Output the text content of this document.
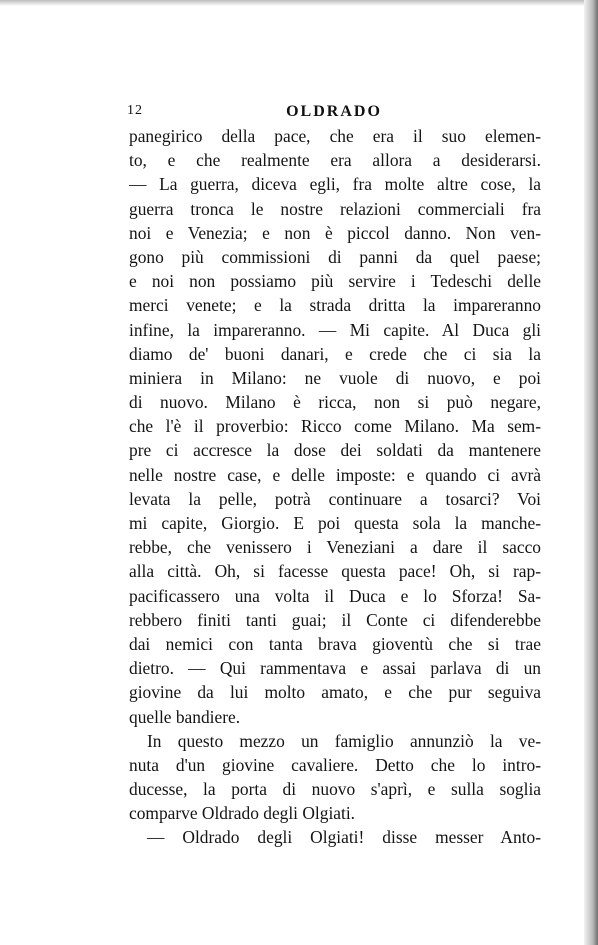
12	OLDRADO
panegirico della pace, che era il suo elemen-
to, e che realmente era allora a desiderarsi.
— La guerra, diceva egli, fra molte altre cose, la
guerra tronca le nostre relazioni commerciali fra
noi e Venezia; e non è piccol danno. Non ven-
gono più commissioni di panni da quel paese;
e noi non possiamo più servire i Tedeschi delle
merci venete; e la strada dritta la impareranno
infine, la impareranno. — Mi capite. Al Duca gli
diamo de' buoni danari, e crede che ci sia la
miniera in Milano: ne vuole di nuovo, e poi
di nuovo. Milano è ricca, non si può negare,
che l'è il proverbio: Ricco come Milano. Ma sem-
pre ci accresce la dose dei soldati da mantenere
nelle nostre case, e delle imposte: e quando ci avrà
levata la pelle, potrà continuare a tosarci? Voi
mi capite, Giorgio. E poi questa sola la manche-
rebbe, che venissero i Veneziani a dare il sacco
alla città. Oh, si facesse questa pace! Oh, si rap-
pacificassero una volta il Duca e lo Sforza! Sa-
rebbero finiti tanti guai; il Conte ci difenderebbe
dai nemici con tanta brava gioventù che si trae
dietro. — Qui rammentava e assai parlava di un
giovine da lui molto amato, e che pur seguiva
quelle bandiere.
In questo mezzo un famiglio annunziò la ve-
nuta d'un giovine cavaliere. Detto che lo intro-
ducesse, la porta di nuovo s'aprì, e sulla soglia
comparve Oldrado degli Olgiati.
— Oldrado degli Olgiati! disse messer Anto-
